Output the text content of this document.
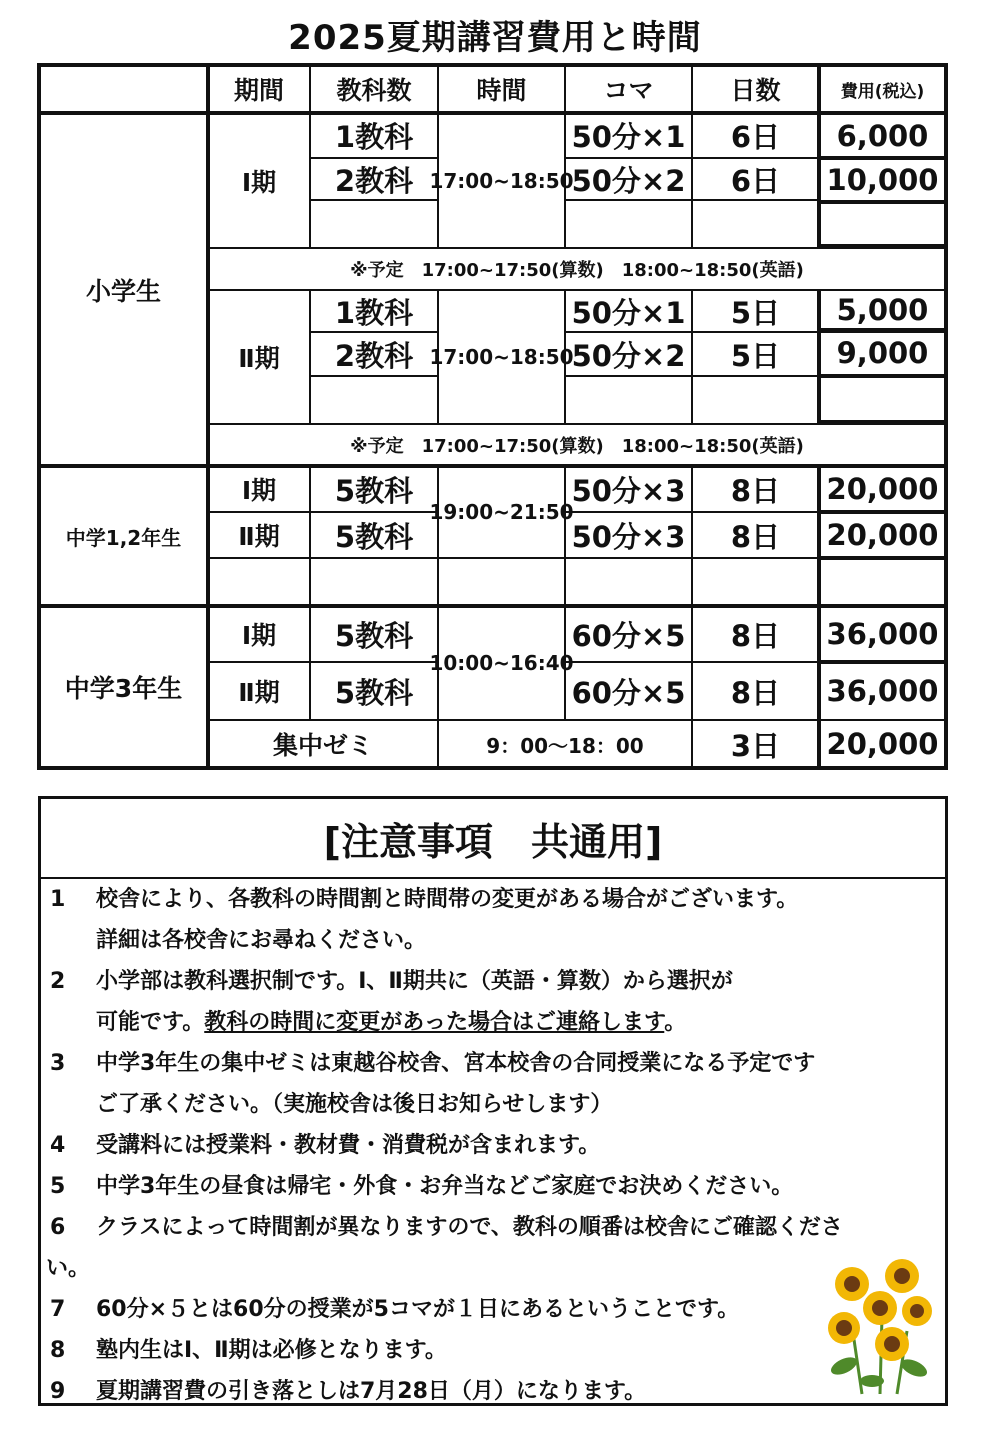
2025夏期講習費用と時間
期間	教科数	時間	コマ	日数	費用(税込)
小学生
Ⅰ期	17:00~18:50
1教科	50分×1	6日	6,000
2教科	50分×2	6日	10,000
※予定　17:00~17:50(算数)　18:00~18:50(英語)
Ⅱ期	17:00~18:50
1教科	50分×1	5日	5,000
2教科	50分×2	5日	9,000
※予定　17:00~17:50(算数)　18:00~18:50(英語)
中学1,2年生
19:00~21:50
Ⅰ期	5教科	50分×3	8日	20,000
Ⅱ期	5教科	50分×3	8日	20,000
中学3年生
10:00~16:40
Ⅰ期	5教科	60分×5	8日	36,000
Ⅱ期	5教科	60分×5	8日	36,000
集中ゼミ	9：00〜18：00	3日	20,000
[注意事項　共通用]
1 校舎により、各教科の時間割と時間帯の変更がある場合がございます。
詳細は各校舎にお尋ねください。
2 小学部は教科選択制です。Ⅰ、Ⅱ期共に（英語・算数）から選択が
可能です。教科の時間に変更があった場合はご連絡します。
3 中学3年生の集中ゼミは東越谷校舎、宮本校舎の合同授業になる予定です
ご了承ください。（実施校舎は後日お知らせします）
4 受講料には授業料・教材費・消費税が含まれます。
5 中学3年生の昼食は帰宅・外食・お弁当などご家庭でお決めください。
6 クラスによって時間割が異なりますので、教科の順番は校舎にご確認くださ
い。
7 60分×５とは60分の授業が5コマが１日にあるということです。
8 塾内生はⅠ、Ⅱ期は必修となります。
9 夏期講習費の引き落としは7月28日（月）になります。
